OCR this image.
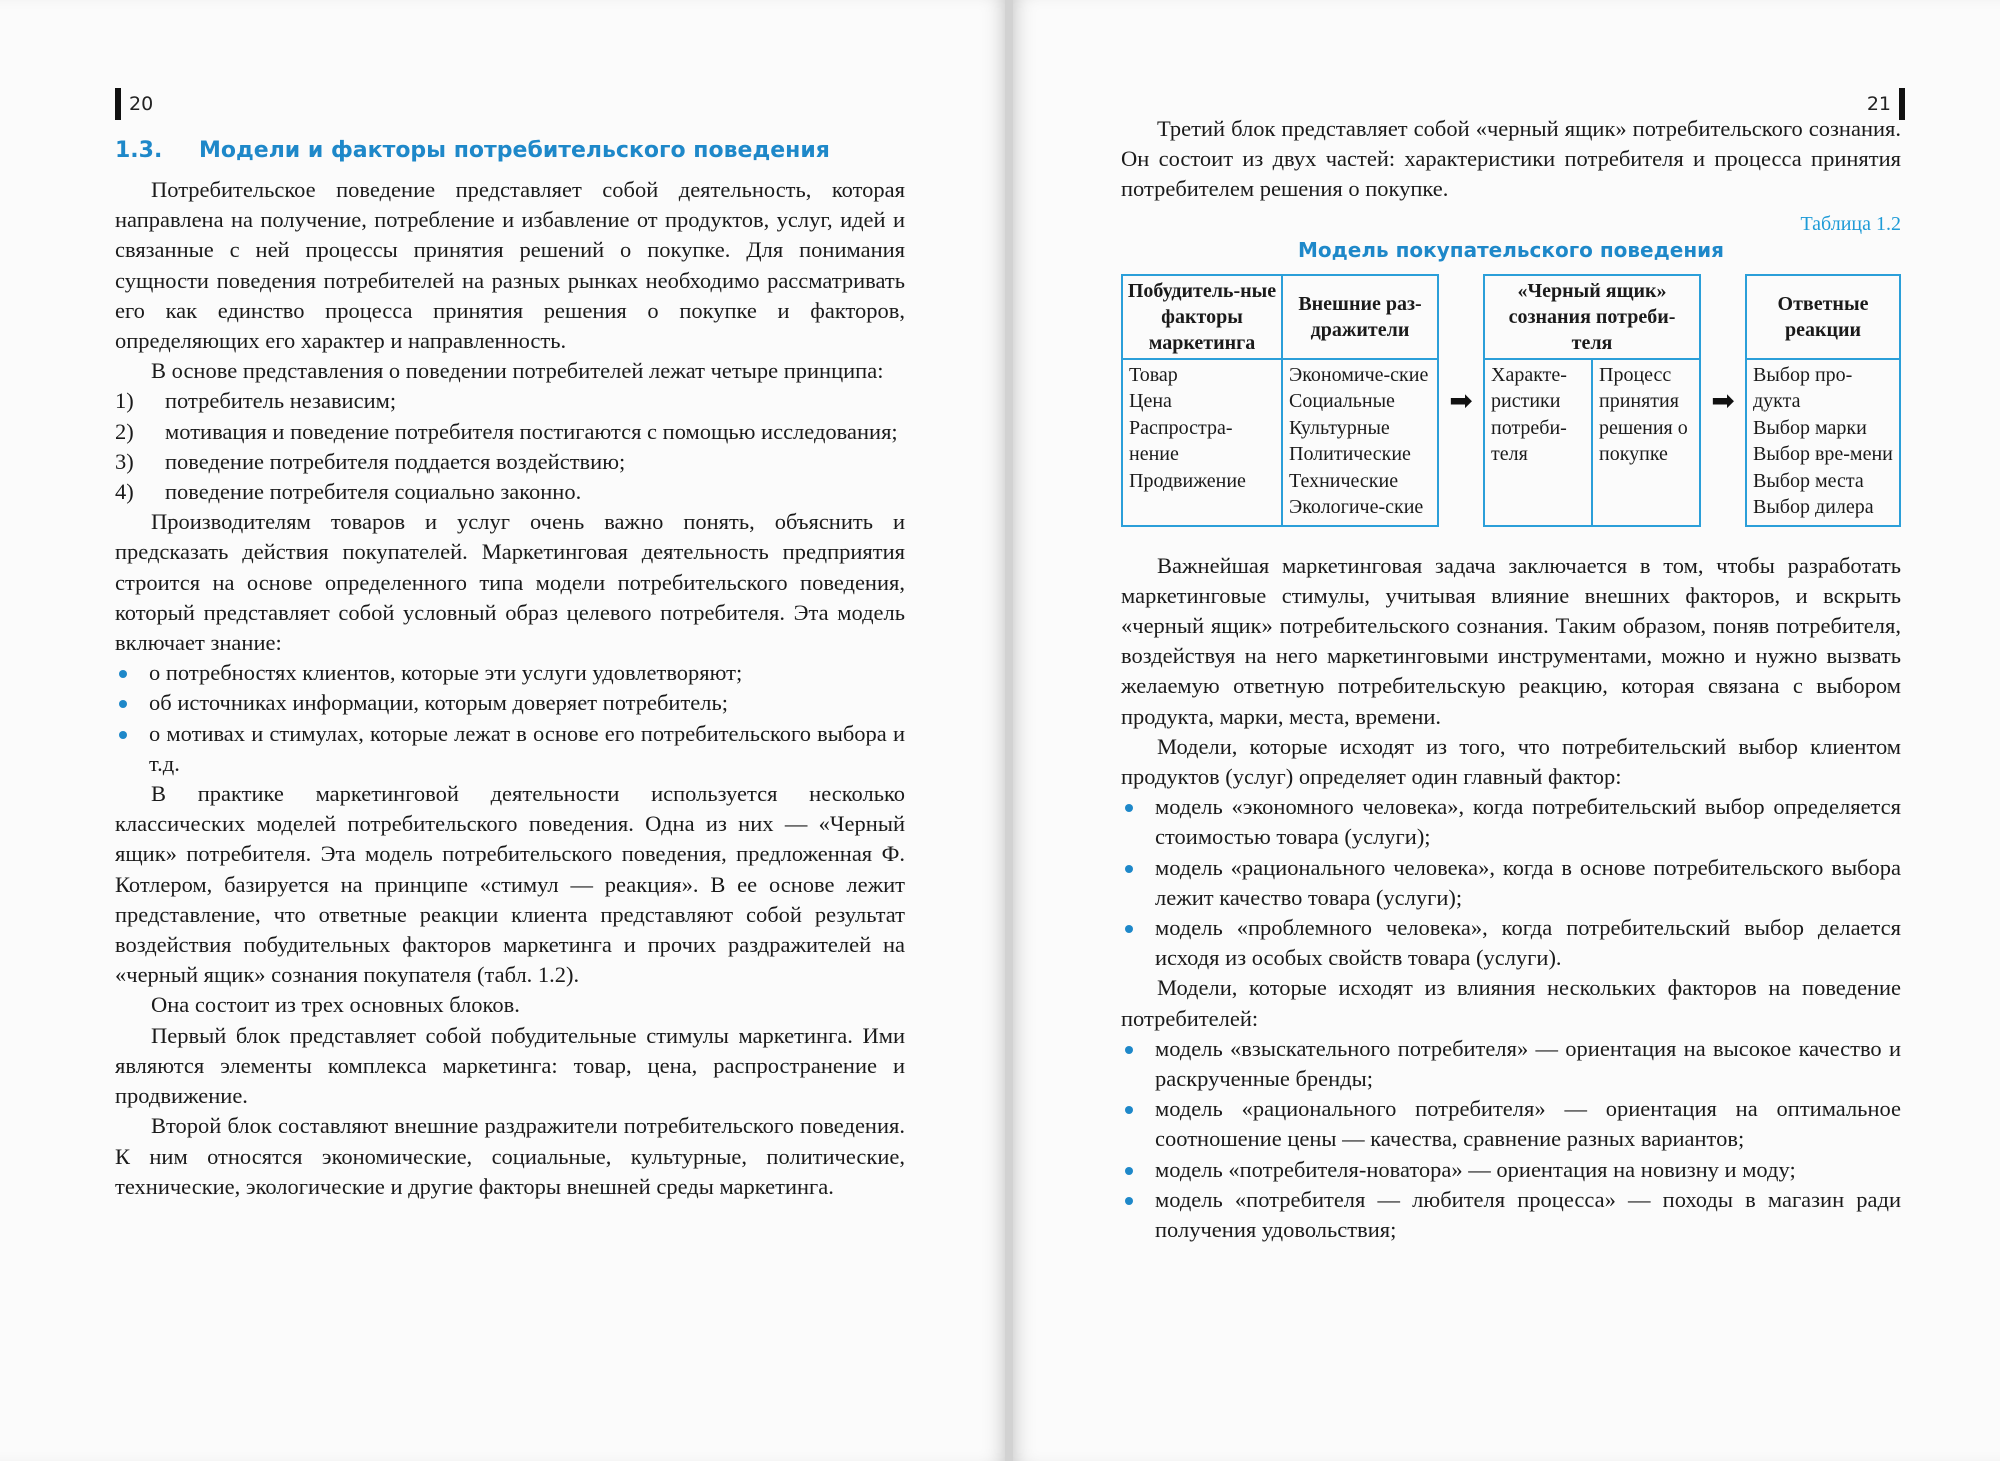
20
1.3. Модели и факторы потребительского поведения

Потребительское поведение представляет собой деятельность, которая направлена на получение, потребление и избавление от продуктов, услуг, идей и связанные с ней процессы принятия решений о покупке. Для понимания сущности поведения потребителей на разных рынках необходимо рассматривать его как единство процесса принятия решения о покупке и факторов, определяющих его характер и направленность.

В основе представления о поведении потребителей лежат четыре принципа:

1) потребитель независим;
2) мотивация и поведение потребителя постигаются с помощью исследования;
3) поведение потребителя поддается воздействию;
4) поведение потребителя социально законно.

Производителям товаров и услуг очень важно понять, объяснить и предсказать действия покупателей. Маркетинговая деятельность предприятия строится на основе определенного типа модели потребительского поведения, который представляет собой условный образ целевого потребителя. Эта модель включает знание:

о потребностях клиентов, которые эти услуги удовлетворяют;
об источниках информации, которым доверяет потребитель;
о мотивах и стимулах, которые лежат в основе его потребительского выбора и т.д.

В практике маркетинговой деятельности используется несколько классических моделей потребительского поведения. Одна из них — «Черный ящик» потребителя. Эта модель потребительского поведения, предложенная Ф. Котлером, базируется на принципе «стимул — реакция». В ее основе лежит представление, что ответные реакции клиента представляют собой результат воздействия побудительных факторов маркетинга и прочих раздражителей на «черный ящик» сознания покупателя (табл. 1.2).

Она состоит из трех основных блоков.

Первый блок представляет собой побудительные стимулы маркетинга. Ими являются элементы комплекса маркетинга: товар, цена, распространение и продвижение.

Второй блок составляют внешние раздражители потребительского поведения. К ним относятся экономические, социальные, культурные, политические, технические, экологические и другие факторы внешней среды маркетинга.

21

Третий блок представляет собой «черный ящик» потребительского сознания. Он состоит из двух частей: характеристики потребителя и процесса принятия потребителем решения о покупке.

Таблица 1.2
Модель покупательского поведения
Побудитель-ные факторы маркетинга
Товар
Цена
Распростра-нение
Продвижение
Внешние раз-дражители
Экономиче-ские
Социальные
Культурные
Политические
Технические
Экологиче-ские
➡
«Черный ящик» сознания потреби-теля
Характе-ристики потреби-теля
Процесс принятия решения о покупке
➡
Ответные реакции
Выбор про-дукта
Выбор марки
Выбор вре-мени
Выбор места
Выбор дилера

Важнейшая маркетинговая задача заключается в том, чтобы разработать маркетинговые стимулы, учитывая влияние внешних факторов, и вскрыть «черный ящик» потребительского сознания. Таким образом, поняв потребителя, воздействуя на него маркетинговыми инструментами, можно и нужно вызвать желаемую ответную потребительскую реакцию, которая связана с выбором продукта, марки, места, времени.

Модели, которые исходят из того, что потребительский выбор клиентом продуктов (услуг) определяет один главный фактор:

модель «экономного человека», когда потребительский выбор определяется стоимостью товара (услуги);
модель «рационального человека», когда в основе потребительского выбора лежит качество товара (услуги);
модель «проблемного человека», когда потребительский выбор делается исходя из особых свойств товара (услуги).

Модели, которые исходят из влияния нескольких факторов на поведение потребителей:

модель «взыскательного потребителя» — ориентация на высокое качество и раскрученные бренды;
модель «рационального потребителя» — ориентация на оптимальное соотношение цены — качества, сравнение разных вариантов;
модель «потребителя-новатора» — ориентация на новизну и моду;
модель «потребителя — любителя процесса» — походы в магазин ради получения удовольствия;
